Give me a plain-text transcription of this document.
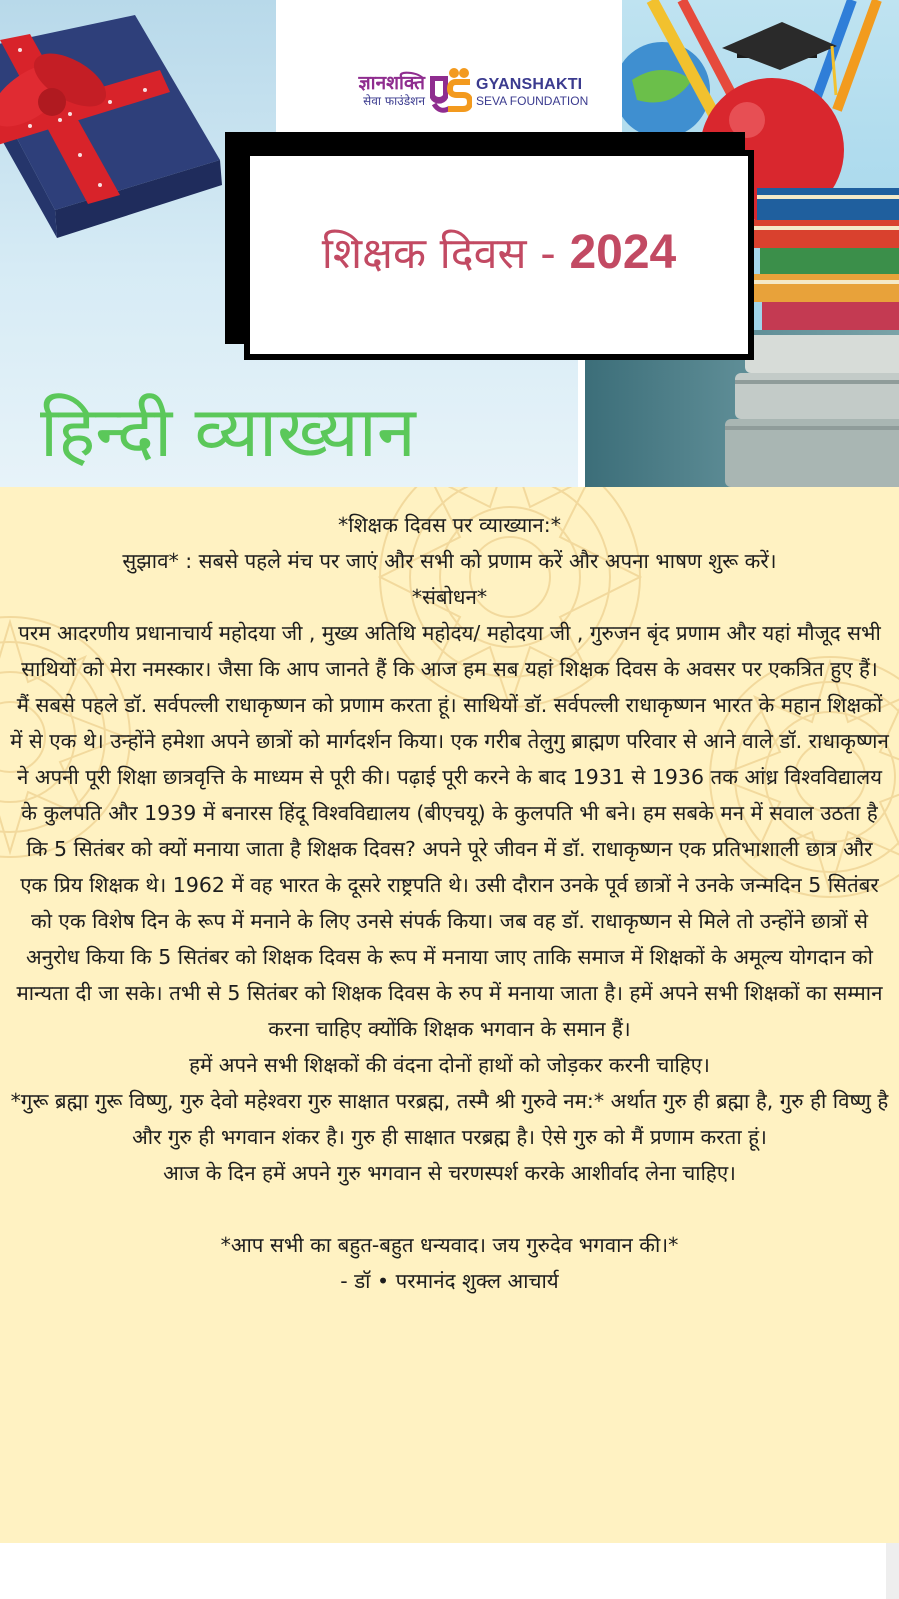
ज्ञानशक्ति
सेवा फाउंडेशन
GYANSHAKTI
SEVA FOUNDATION
शिक्षक दिवस - 2024
हिन्दी व्याख्यान

*शिक्षक दिवस पर व्याख्यान:*

सुझाव* : सबसे पहले मंच पर जाएं और सभी को प्रणाम करें और अपना भाषण शुरू करें।

*संबोधन*

परम आदरणीय प्रधानाचार्य महोदया जी , मुख्य अतिथि महोदय/ महोदया जी , गुरुजन बृंद प्रणाम और यहां मौजूद सभी साथियों को मेरा नमस्कार। जैसा कि आप जानते हैं कि आज हम सब यहां शिक्षक दिवस के अवसर पर एकत्रित हुए हैं।

मैं सबसे पहले डॉ. सर्वपल्ली राधाकृष्णन को प्रणाम करता हूं। साथियों डॉ. सर्वपल्ली राधाकृष्णन भारत के महान शिक्षकों में से एक थे। उन्होंने हमेशा अपने छात्रों को मार्गदर्शन किया। एक गरीब तेलुगु ब्राह्मण परिवार से आने वाले डॉ. राधाकृष्णन ने अपनी पूरी शिक्षा छात्रवृत्ति के माध्यम से पूरी की। पढ़ाई पूरी करने के बाद 1931 से 1936 तक आंध्र विश्वविद्यालय के कुलपति और 1939 में बनारस हिंदू विश्वविद्यालय (बीएचयू) के कुलपति भी बने। हम सबके मन में सवाल उठता है कि 5 सितंबर को क्यों मनाया जाता है शिक्षक दिवस? अपने पूरे जीवन में डॉ. राधाकृष्णन एक प्रतिभाशाली छात्र और एक प्रिय शिक्षक थे। 1962 में वह भारत के दूसरे राष्ट्रपति थे। उसी दौरान उनके पूर्व छात्रों ने उनके जन्मदिन 5 सितंबर को एक विशेष दिन के रूप में मनाने के लिए उनसे संपर्क किया। जब वह डॉ. राधाकृष्णन से मिले तो उन्होंने छात्रों से अनुरोध किया कि 5 सितंबर को शिक्षक दिवस के रूप में मनाया जाए ताकि समाज में शिक्षकों के अमूल्य योगदान को मान्यता दी जा सके। तभी से 5 सितंबर को शिक्षक दिवस के रुप में मनाया जाता है। हमें अपने सभी शिक्षकों का सम्मान करना चाहिए क्योंकि शिक्षक भगवान के समान हैं।

हमें अपने सभी शिक्षकों की वंदना दोनों हाथों को जोड़कर करनी चाहिए।

*गुरू ब्रह्मा गुरू विष्णु, गुरु देवो महेश्वरा गुरु साक्षात परब्रह्म, तस्मै श्री गुरुवे नम:* अर्थात गुरु ही ब्रह्मा है, गुरु ही विष्णु है और गुरु ही भगवान शंकर है। गुरु ही साक्षात परब्रह्म है। ऐसे गुरु को मैं प्रणाम करता हूं।

आज के दिन हमें अपने गुरु भगवान से चरणस्पर्श करके आशीर्वाद लेना चाहिए।

*आप सभी का बहुत-बहुत धन्यवाद। जय गुरुदेव भगवान की।*

- डॉ • परमानंद शुक्ल आचार्य
